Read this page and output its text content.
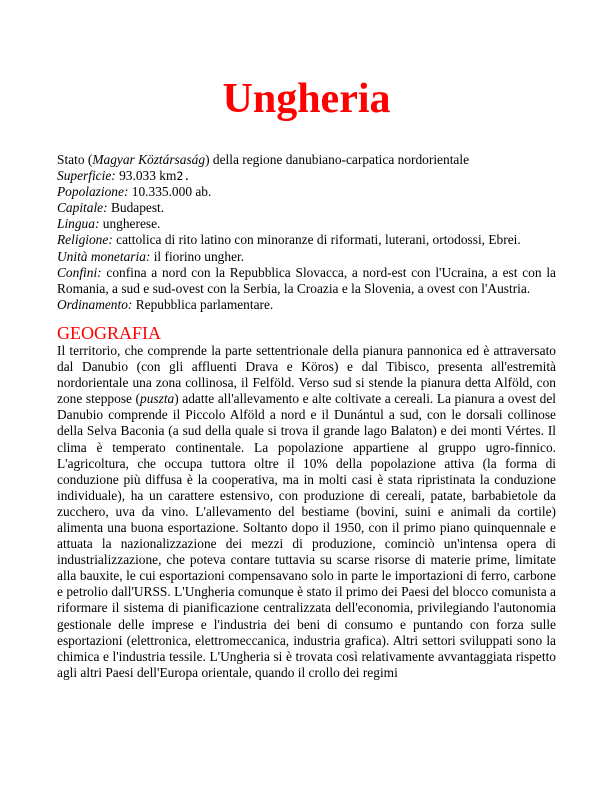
Ungheria
Stato (Magyar Köztársaság) della regione danubiano-carpatica nordorientale
Superficie: 93.033 km2.
Popolazione: 10.335.000 ab.
Capitale: Budapest.
Lingua: ungherese.
Religione: cattolica di rito latino con minoranze di riformati, luterani, ortodossi, Ebrei.
Unità monetaria: il fiorino ungher.
Confini: confina a nord con la Repubblica Slovacca, a nord-est con l'Ucraina, a est con la Romania, a sud e sud-ovest con la Serbia, la Croazia e la Slovenia, a ovest con l'Austria.
Ordinamento: Repubblica parlamentare.
GEOGRAFIA

Il territorio, che comprende la parte settentrionale della pianura pannonica ed è attraversato dal Danubio (con gli affluenti Drava e Köros) e dal Tibisco, presenta all'estremità nordorientale una zona collinosa, il Felföld. Verso sud si stende la pianura detta Alföld, con zone steppose (puszta) adatte all'allevamento e alte coltivate a cereali. La pianura a ovest del Danubio comprende il Piccolo Alföld a nord e il Dunántul a sud, con le dorsali collinose della Selva Baconia (a sud della quale si trova il grande lago Balaton) e dei monti Vértes. Il clima è temperato continentale. La popolazione appartiene al gruppo ugro-finnico. L'agricoltura, che occupa tuttora oltre il 10% della popolazione attiva (la forma di conduzione più diffusa è la cooperativa, ma in molti casi è stata ripristinata la conduzione individuale), ha un carattere estensivo, con produzione di cereali, patate, barbabietole da zucchero, uva da vino. L'allevamento del bestiame (bovini, suini e animali da cortile) alimenta una buona esportazione. Soltanto dopo il 1950, con il primo piano quinquennale e attuata la nazionalizzazione dei mezzi di produzione, cominciò un'intensa opera di industrializzazione, che poteva contare tuttavia su scarse risorse di materie prime, limitate alla bauxite, le cui esportazioni compensavano solo in parte le importazioni di ferro, carbone e petrolio dall'URSS. L'Ungheria comunque è stato il primo dei Paesi del blocco comunista a riformare il sistema di pianificazione centralizzata dell'economia, privilegiando l'autonomia gestionale delle imprese e l'industria dei beni di consumo e puntando con forza sulle esportazioni (elettronica, elettromeccanica, industria grafica). Altri settori sviluppati sono la chimica e l'industria tessile. L'Ungheria si è trovata così relativamente avvantaggiata rispetto agli altri Paesi dell'Europa orientale, quando il crollo dei regimi
